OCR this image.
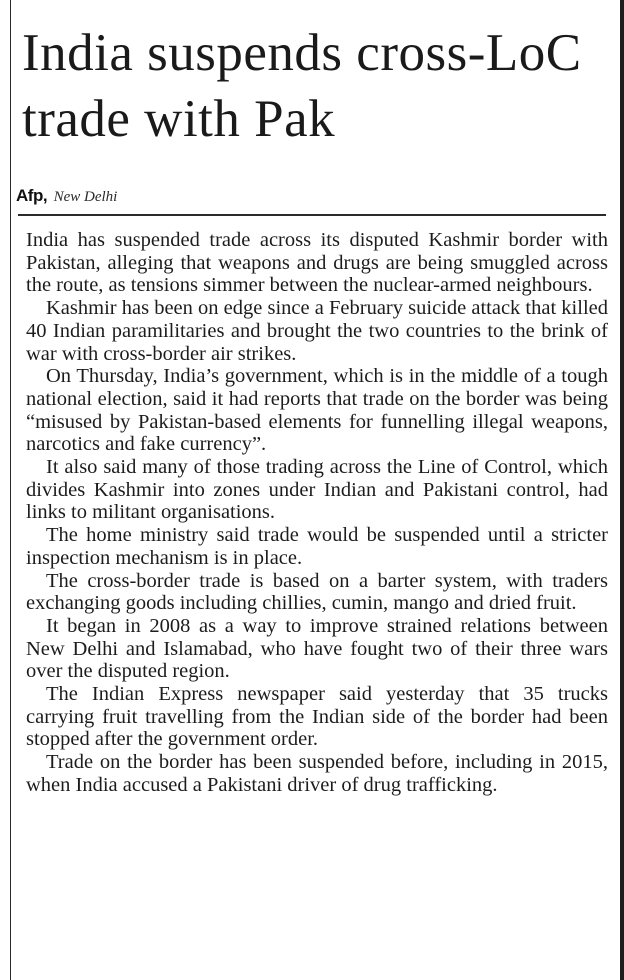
India suspends cross-LoC trade with Pak
Afp , New Delhi

India has suspended trade across its disputed Kashmir border with Pakistan, alleging that weapons and drugs are being smuggled across the route, as tensions simmer between the nuclear-armed neighbours.

Kashmir has been on edge since a February suicide attack that killed 40 Indian paramilitaries and brought the two countries to the brink of war with cross-border air strikes.

On Thursday, India’s government, which is in the middle of a tough national election, said it had reports that trade on the border was being “misused by Pakistan-based elements for funnelling illegal weapons, narcotics and fake currency”.

It also said many of those trading across the Line of Control, which divides Kashmir into zones under Indian and Pakistani control, had links to militant organisations.

The home ministry said trade would be suspended until a stricter inspection mechanism is in place.

The cross-border trade is based on a barter system, with traders exchanging goods including chillies, cumin, mango and dried fruit.

It began in 2008 as a way to improve strained relations between New Delhi and Islamabad, who have fought two of their three wars over the disputed region.

The Indian Express newspaper said yesterday that 35 trucks carrying fruit travelling from the Indian side of the border had been stopped after the government order.

Trade on the border has been suspended before, including in 2015, when India accused a Pakistani driver of drug trafficking.
